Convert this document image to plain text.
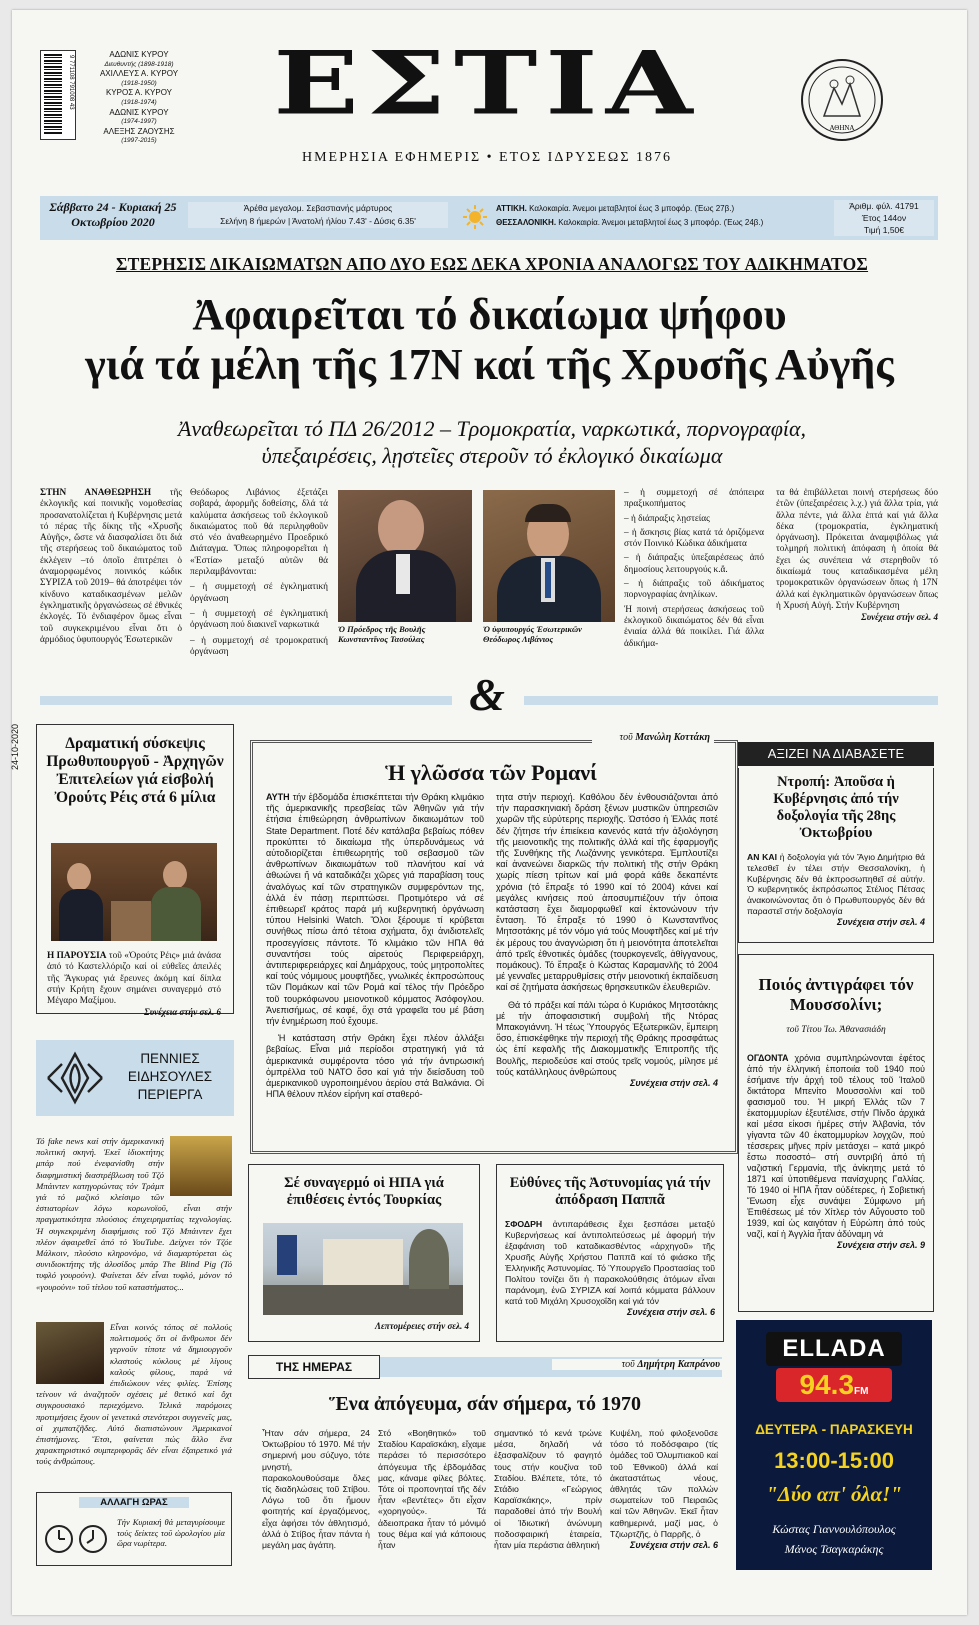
9 771108 791008 43
ΑΔΩΝΙΣ ΚΥΡΟΥ
Διευθυντής (1898-1918)
ΑΧΙΛΛΕΥΣ Α. ΚΥΡΟΥ
(1918-1950)
ΚΥΡΟΣ Α. ΚΥΡΟΥ
(1918-1974)
ΑΔΩΝΙΣ ΚΥΡΟΥ
(1974-1997)
ΑΛΕΞΗΣ ΖΑΟΥΣΗΣ
(1997-2015)
ΕΣΤΙΑ
ΗΜΕΡΗΣΙΑ ΕΦΗΜΕΡΙΣ • ΕΤΟΣ ΙΔΡΥΣΕΩΣ 1876
ΑΘΗΝΑ
Σάββατο 24 - Κυριακή 25
Οκτωβρίου 2020
Άρέθα μεγαλομ. Σεβαστιανής μάρτυρος
Σελήνη 8 ήμερών | Άνατολή ήλίου 7.43' - Δύσις 6.35'
ΑΤΤΙΚΗ. Καλοκαιρία. Άνεμοι μεταβλητοί έως 3 μποφόρ. (Έως 27β.)
ΘΕΣΣΑΛΟΝΙΚΗ. Καλοκαιρία. Άνεμοι μεταβλητοί έως 3 μποφόρ. (Έως 24β.)
Άριθμ. φύλ. 41791
Έτος 144ον
Τιμή 1,50€
ΣΤΕΡΗΣΙΣ ΔΙΚΑΙΩΜΑΤΩΝ ΑΠΟ ΔΥΟ ΕΩΣ ΔΕΚΑ ΧΡΟΝΙΑ ΑΝΑΛΟΓΩΣ ΤΟΥ ΑΔΙΚΗΜΑΤΟΣ
Ἀφαιρεῖται τό δικαίωμα ψήφου
γιά τά μέλη τῆς 17Ν καί τῆς Χρυσῆς Αὐγῆς
Ἀναθεωρεῖται τό ΠΔ 26/2012 – Τρομοκρατία, ναρκωτικά, πορνογραφία,
ὑπεξαιρέσεις, λῃστεῖες στεροῦν τό ἐκλογικό δικαίωμα
ΣΤΗΝ ΑΝΑΘΕΩΡΗΣΗ τῆς ἐκλογικῆς καί ποινικῆς νομοθεσίας προσανατολίζεται ἡ Κυβέρνησις μετά τό πέρας τῆς δίκης τῆς «Χρυσῆς Αὐγῆς», ὥστε νά διασφαλίσει ὅτι διά τῆς στερήσεως τοῦ δικαιώματος τοῦ ἐκλέγειν –τό ὁποῖο ἐπιτρέπει ὁ ἀναμορφωμένος ποινικός κώδικ ΣΥΡΙΖΑ τοῦ 2019– θά ἀποτρέψει τόν κίνδυνο καταδικασμένων μελῶν ἐγκληματικῆς ὀργανώσεως σέ ἐθνικές ἐκλογές. Τό ἐνδιαφέρον ὅμως εἶναι τοῦ συγκεκριμένου εἶναι ὅτι ὁ ἁρμόδιος ὑφυπουργός Ἐσωτερικῶν
Θεόδωρος Λιβάνιος ἐξετάζει σοβαρά, ἀφορμῆς δοθείσης, δλά τά καλύματα ἀσκήσεως τοῦ ἐκλογικοῦ δικαιώματος ποῦ θά περιληφθοῦν στό νέο ἀναθεωρημένο Προεδρικό Διάταγμα. Ὅπως πληροφορεῖται ἡ «Ἑστία» μεταξύ αὐτῶν θά περιλαμβάνονται:
– ἡ συμμετοχή σέ ἐγκληματική ὀργάνωση
– ἡ συμμετοχή σέ ἐγκληματική ὀργάνωση πού διακινεῖ ναρκωτικά
– ἡ συμμετοχή σέ τρομοκρατική ὀργάνωση
Ὁ Πρόεδρος τῆς Βουλῆς
Κωνσταντῖνος Τασούλας
Ὁ ὑφυπουργός Ἐσωτερικῶν
Θεόδωρος Λιβάνιος
– ἡ συμμετοχή σέ ἀπόπειρα πραξικοπήματος
– ἡ διάπραξις λῃστείας
– ἡ ἄσκησις βίας κατά τά ὁριζόμενα στόν Ποινικό Κώδικα ἀδικήματα
– ἡ διάπραξις ὑπεξαιρέσεως ἀπό δημοσίους λειτουργούς κ.ἄ.
– ἡ διάπραξις τοῦ ἀδικήματος πορνογραφίας ἀνηλίκων.
Ἡ ποινή στερήσεως ἀσκήσεως τοῦ ἐκλογικοῦ δικαιώματος δέν θά εἶναι ἑνιαία ἀλλά θά ποικίλει. Γιά ἄλλα ἀδικήμα-
τα θά ἐπιβάλλεται ποινή στερήσεως δύο ἐτῶν (ὑπεξαιρέσεις λ.χ.) γιά ἄλλα τρία, γιά ἄλλα πέντε, γιά ἄλλα ἑπτά καί γιά ἄλλα δέκα (τρομοκρατία, ἐγκληματική ὀργάνωση). Πρόκειται ἀναμφιβόλως γιά τολμηρή πολιτική ἀπόφαση ἡ ὁποία θά ἔχει ὡς συνέπεια νά στερηθοῦν τό δικαίωμά τους καταδικασμένα μέλη τρομοκρατικῶν ὀργανώσεων ὅπως ἡ 17Ν ἀλλά καί ἐγκληματικῶν ὀργανώσεων ὅπως ἡ Χρυσή Αὐγή. Στήν Κυβέρνηση
Συνέχεια στήν σελ. 4
&
24-10-2020	Δραματική σύσκεψις Πρωθυπουργοῦ - Ἀρχηγῶν Ἐπιτελείων γιά εἰσβολή Ὀρούτς Ρέις στά 6 μίλια
Η ΠΑΡΟΥΣΙΑ τοῦ «Ὀρούτς Ρέις» μιά ἀνάσα ἀπό τό Καστελλόριζο καί οἱ εὐθεῖες ἀπειλές τῆς Ἄγκυρας γιά ἔρευνες ἀκόμη καί δίπλα στήν Κρήτη ἔχουν σημάνει συναγερμό στό Μέγαρο Μαξίμου.
Συνέχεια στήν σελ. 6
ΠΕΝΝΙΕΣ
ΕΙΔΗΣΟΥΛΕΣ
ΠΕΡΙΕΡΓΑ
Τό fake news καί στήν ἀμερικανική πολιτική σκηνή. Ἐκεῖ ἰδιοκτήτης μπάρ πού ἐνεφανίσθη στήν διαφημιστική διαστρέβλωση τοῦ Τζό Μπάιντεν κατηγορώντας τόν Τράμπ γιά τό μαζικό κλείσιμο τῶν ἑστιατορίων λόγω κορωνοϊοῦ, εἶναι στήν πραγματικότητα πλούσιος ἐπιχειρηματίας τεχνολογίας. Ἡ συγκεκριμένη διαφήμισις τοῦ Τζό Μπάιντεν ἔχει πλέον ἀφαιρεθεῖ ἀπό τό YouTube. Δείχνει τόν Τζόε Μάλκοιν, πλούσιο κληρονόμο, νά διαμαρτύρεται ὡς συνιδιοκτήτης τῆς ἀλυσίδος μπάρ The Blind Pig (Τό τυφλό γουρούνι). Φαίνεται δέν εἶναι τυφλό, μόνον τό «γουρούνι» τοῦ τίτλου τοῦ καταστήματος...
Εἶναι κοινός τόπος σέ πολλούς πολιτισμούς ὅτι οἱ ἄνθρωποι δέν γερνοῦν τίποτε νά δημιουργοῦν κλαστούς κύκλους μέ λίγους καλούς φίλους, παρά νά ἐπιδιώκουν νέες φιλίες. Ἐπίσης τείνουν νά ἀναζητοῦν σχέσεις μέ θετικό καί ὄχι συγκρουσιακό περιεχόμενο. Τελικά παρόμοιες προτιμήσεις ἔχουν οἱ γενετικά στενότεροι συγγενεῖς μας, οἱ χιμπατζῆδες. Αὐτό διαπιστώνουν Ἀμερικανοί ἐπιστήμονες. Ἔτσι, φαίνεται πώς ἄλλο ἕνα χαρακτηριστικό συμπεριφορᾶς δέν εἶναι ἐξαιρετικό γιά τούς ἀνθρώπους.
ΑΛΛΑΓΗ ΩΡΑΣ
Τήν Κυριακή θά μεταγυρίσουμε τούς δείκτες τοῦ ὡρολογίου μία ὥρα νωρίτερα.
τοῦ Μανώλη Κοττάκη
Ἡ γλῶσσα τῶν Ρομανί
ΑΥΤΗ τήν ἑβδομάδα ἐπισκέπτεται τήν Θράκη κλιμάκιο τῆς ἀμερικανικῆς πρεσβείας τῶν Ἀθηνῶν γιά τήν ἐτήσια ἐπιθεώρηση ἀνθρωπίνων δικαιωμάτων τοῦ State Department. Ποτέ δέν κατάλαβα βεβαίως πόθεν προκύπτει τό δικαίωμα τῆς ὑπερδυνάμεως νά αὐτοδιορίζεται ἐπιθεωρητής τοῦ σεβασμοῦ τῶν ἀνθρωπίνων δικαιωμάτων τοῦ πλανήτου καί νά ἀθωώνει ἤ νά καταδικάζει χῶρες γιά παραβίαση τους ἀναλόγως καί τῶν στρατηγικῶν συμφερόντων της, ἀλλά ἐν πάσῃ περιπτώσει. Προτιμότερο νά σέ ἐπιθεωρεῖ κράτος παρά μή κυβερνητική ὀργάνωση τύπου Helsinki Watch. Ὅλοι ξέρουμε τί κρύβεται συνήθως πίσω ἀπό τέτοια σχήματα, ὅχι ἀνιδιοτελεῖς προσεγγίσεις πάντοτε. Τό κλιμάκιο τῶν ΗΠΑ θά συναντήσει τούς αἱρετούς Περιφερειάρχη, ἀντιπεριφερειάρχες καί Δημάρχους, τούς μητροπολίτες καί τούς νόμιμους μουφτῆδες, γνωλικές ἐκπροσώπους τῶν Πομάκων καί τῶν Ρομά καί τέλος τήν Πρόεδρο τοῦ τουρκόφωνου μειονοτικοῦ κόμματος Ἀσόφογλου. Ἀνεπισήμως, σέ καφέ, ὅχι στά γραφεῖα του μέ βάση τήν ἐνημέρωση πού ἔχουμε.
Ἡ κατάσταση στήν Θράκη ἔχει πλέον ἀλλάξει βεβαίως. Εἶναι μιά περίοδοι στρατηγική γιά τά ἀμερικανικά συμφέροντα τόσο γιά τήν ἀντιρωσική ὁμπρέλλα τοῦ ΝΑΤΟ ὅσο καί γιά τήν διείσδυση τοῦ ἀμερικανικοῦ υγροποιημένου ἀερίου στά Βαλκάνια. Οἱ ΗΠΑ θέλουν πλέον εἰρήνη καί σταθερό-
τητα στήν περιοχή. Καθόλου δέν ἐνθουσιάζονται ἀπό τήν παρασκηνιακή δράση ξένων μυστικῶν ὑπηρεσιῶν χωρῶν τῆς εὐρύτερης περιοχῆς. Ὡστόσο ἡ Ἑλλάς ποτέ δέν ζήτησε τήν ἐπιείκεια κανενός κατά τήν ἀξιολόγηση τῆς μειονοτικῆς της πολιτικῆς ἀλλά καί τῆς ἐφαρμογῆς τῆς Συνθήκης τῆς Λωζάννης γενικότερα. Ἐμπλουτίζει καί ἀνανεώνει διαρκῶς τήν πολιτική τῆς στήν Θράκη χωρίς πίεση τρίτων καί μιά φορά κάθε δεκαπέντε χρόνια (τό ἔπραξε τό 1990 καί τό 2004) κάνει καί μεγάλες κινήσεις πού ἀποσυμπιέζουν τήν ὁποια κατάσταση ἔχει διαμορφωθεῖ καί ἐκτονώνουν τήν ἔνταση. Τό ἔπραξε τό 1990 ὁ Κωνσταντῖνος Μητσοτάκης μέ τόν νόμο γιά τούς Μουφτῆδες καί μέ τήν ἐκ μέρους του ἀναγνώριση ὅτι ἡ μειονότητα ἀποτελεῖται ἀπό τρεῖς ἐθνοτικές ὁμάδες (τουρκογενεῖς, ἀθίγγανους, πομάκους). Τό ἔπραξε ὁ Κώστας Καραμανλῆς τό 2004 μέ γενναῖες μεταρρυθμίσεις στήν μειονοτική ἐκπαίδευση καί σέ ζητήματα ἀσκήσεως θρησκευτικῶν ἐλευθεριῶν.
Θά τό πράξει καί πάλι τώρα ὁ Κυριάκος Μητσοτάκης μέ τήν ἀποφασιστική συμβολή τῆς Ντόρας Μπακογιάννη. Ἡ τέως Ὑπουργός Ἐξωτερικῶν, ἔμπειρη ὅσο, ἐπισκέφθηκε τήν περιοχή τῆς Θράκης προσφάτως ὡς ἐπί κεφαλῆς τῆς Διακομματικῆς Ἐπιτροπῆς τῆς Βουλῆς, περιοδεύσε καί στούς τρεῖς νομούς, μίλησε μέ τούς κατάλληλους ἀνθρώπους
Συνέχεια στήν σελ. 4
ΑΞΙΖΕΙ ΝΑ ΔΙΑΒΑΣΕΤΕ
Ντροπή: Ἀποῦσα ἡ Κυβέρνησις ἀπό τήν δοξολογία τῆς 28ης Ὀκτωβρίου
ΑΝ ΚΑΙ ἡ δοξολογία γιά τόν Ἅγιο Δημήτριο θά τελεσθεῖ ἐν τέλει στήν Θεσσαλονίκη, ἡ Κυβέρνησις δέν θά ἐκπροσωπηθεῖ σέ αὐτήν. Ὁ κυβερνητικός ἐκπρόσωπος Στέλιος Πέτσας ἀνακοινώνοντας ὅτι ὁ Πρωθυπουργός δέν θά παραστεῖ στήν δοξολογία
Συνέχεια στήν σελ. 4
Ποιός ἀντιγράφει τόν Μουσσολίνι;
τοῦ Τίτου Ἰω. Ἀθανασιάδη
ΟΓΔΟΝΤΑ χρόνια συμπληρώνονται ἐφέτος ἀπό τήν ἑλληνική ἐποποιία τοῦ 1940 πού ἐσήμανε τήν ἀρχή τοῦ τέλους τοῦ Ἰταλοῦ δικτάτορα Μπενίτο Μουσσολίνι καί τοῦ φασισμοῦ του. Ἡ μικρή Ἑλλάς τῶν 7 ἑκατομμυρίων ἐξευτέλισε, στήν Πίνδο ἀρχικά καί μέσα εἰκοσι ἡμέρες στήν Ἀλβανία, τόν γίγαντα τῶν 40 ἑκατομμυρίων λογχῶν, πού τέσσερεις μῆνες πρίν μετάσχει – κατά μικρό ἔστω ποσοστό– στή συντριβή ἀπό τή ναζιστική Γερμανία, τῆς ἀνίκητης μετά τό 1871 καί ὑποτιθέμενα πανίσχυρης Γαλλίας. Τό 1940 οἱ ΗΠΑ ἦταν οὐδέτερες, ἡ Σοβιετική Ἕνωση εἶχε συνάψει Σύμφωνο μή Ἐπιθέσεως μέ τόν Χίτλερ τόν Αὔγουστο τοῦ 1939, καί ὡς καιγόταν ἡ Εὐρώπη ἀπό τούς ναζί, καί ἡ Ἀγγλία ἦταν ἀδύναμη νά
Συνέχεια στήν σελ. 9
Σέ συναγερμό οἱ ΗΠΑ γιά ἐπιθέσεις ἐντός Τουρκίας
Λεπτομέρειες στήν σελ. 4
Εὐθύνες τῆς Ἀστυνομίας γιά τήν ἀπόδραση Παππᾶ
ΣΦΟΔΡΗ ἀντιπαράθεσις ἔχει ξεσπάσει μεταξύ Κυβερνήσεως καί ἀντιπολιτεύσεως μέ ἀφορμή τήν ἐξαφάνιση τοῦ καταδικασθέντος «ἀρχηγοῦ» τῆς Χρυσῆς Αὐγῆς Χρήστου Παππᾶ καί τό φιάσκο τῆς Ἑλληνικῆς Ἀστυνομίας. Τό Ὑπουργεῖο Προστασίας τοῦ Πολίτου τονίζει ὅτι ἡ παρακολούθησις ἀτόμων εἶναι παράνομη, ἐνῶ ΣΥΡΙΖΑ καί λοιπά κόμματα βάλλουν κατά τοῦ Μιχάλη Χρυσοχοΐδη καί γιά τόν
Συνέχεια στήν σελ. 6
ΤΗΣ ΗΜΕΡΑΣ	τοῦ Δημήτρη Καπράνου
Ἕνα ἀπόγευμα, σάν σήμερα, τό 1970
Ἦταν σάν σήμερα, 24 Ὀκτωβρίου τό 1970. Μέ τήν σημερινή μου σύζυγο, τότε μνηστή, παρακολουθούσαμε ὅλες τίς διαδηλώσεις τοῦ Στίβου. Λόγω τοῦ ὅτι ἤμουν φοιτητής καί ἐργαζόμενος, εἶχα ἀφήσει τόν ἀθλητισμό, ἀλλά ὁ Στίβος ἦταν πάντα ἡ μεγάλη μας ἀγάπη.
Στό «Βοηθητικό» τοῦ Σταδίου Καραϊσκάκη, εἴχαμε περάσει τό περισσότερο ἀπόγευμα τῆς ἑβδομάδας μας, κάναμε φίλες βόλτες. Τότε οἱ προπονηταί τῆς δέν ἦταν «βεντέτες» ὅτι εἶχαν «χορηγούς». Τά ἀδειοπρακα ἦταν τό μόνιμό τους θέμα καί γιά κάποιους ἦταν
σημαντικό τό κενά τρώνε μέσα, δηλαδή νά ἐξασφαλίζουν τό φαγητό τους στήν κουζίνα τοῦ Σταδίου. Βλέπετε, τότε, τό Στάδιο «Γεώργιος Καραϊσκάκης», πρίν παραδοθεί ἀπό τήν Βουλή οἱ Ἰδιωτική ἀνώνυμη ποδοσφαιρική ἑταιρεία, ἦταν μία περάστια ἀθλητική
Κυψέλη, πού φιλοξενοῦσε τόσο τό ποδόσφαιρο (τίς ὁμάδες τοῦ Ὀλυμπιακοῦ καί τοῦ Ἐθνικοῦ) ἀλλά καί ἀκαταστάτως νέους, ἀθλητάς τῶν πολλών σωματείων τοῦ Πειραιῶς καί τῶν Ἀθηνῶν. Ἐκεῖ ἦταν καθημερινά, μαζί μας, ὁ Τζιωρτζῆς, ὁ Παρρῆς, ὁ
Συνέχεια στήν σελ. 6
ELLADA
94.3FM
ΔΕΥΤΕΡΑ - ΠΑΡΑΣΚΕΥΗ
13:00-15:00
"Δύο απ' όλα!"
Κώστας Γιαννουλόπουλος
Μάνος Τσαγκαράκης
